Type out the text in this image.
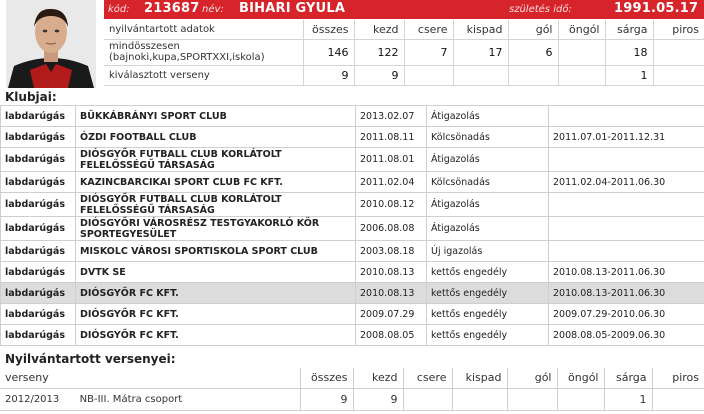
kód: 213687 név: BIHARI GYULA	születés idő:	1991.05.17
nyilvántartott adatok	összes	kezd	csere	kispad	gól	öngól	sárga	piros
mindösszesen (bajnoki,kupa,SPORTXXI,iskola)	146	122	7	17	6		18	
kiválasztott verseny	9	9					1	
Klubjai:
labdarúgás	BÜKKÁBRÁNYI SPORT CLUB	2013.02.07	Átigazolás	
labdarúgás	ÓZDI FOOTBALL CLUB	2011.08.11	Kölcsönadás	2011.07.01-2011.12.31
labdarúgás	DIÓSGYŐR FUTBALL CLUB KORLÁTOLT FELELŐSSÉGŰ TÁRSASÁG	2011.08.01	Átigazolás	
labdarúgás	KAZINCBARCIKAI SPORT CLUB FC KFT.	2011.02.04	Kölcsönadás	2011.02.04-2011.06.30
labdarúgás	DIÓSGYŐR FUTBALL CLUB KORLÁTOLT FELELŐSSÉGŰ TÁRSASÁG	2010.08.12	Átigazolás	
labdarúgás	DIÓSGYŐRI VÁROSRÉSZ TESTGYAKORLÓ KÖR SPORTEGYESÜLET	2006.08.08	Átigazolás	
labdarúgás	MISKOLC VÁROSI SPORTISKOLA SPORT CLUB	2003.08.18	Új igazolás	
labdarúgás	DVTK SE	2010.08.13	kettős engedély	2010.08.13-2011.06.30
labdarúgás	DIÓSGYŐR FC KFT.	2010.08.13	kettős engedély	2010.08.13-2011.06.30
labdarúgás	DIÓSGYŐR FC KFT.	2009.07.29	kettős engedély	2009.07.29-2010.06.30
labdarúgás	DIÓSGYŐR FC KFT.	2008.08.05	kettős engedély	2008.08.05-2009.06.30
Nyilvántartott versenyei:
verseny	összes	kezd	csere	kispad	gól	öngól	sárga	piros
2012/2013 NB-III. Mátra csoport	9	9					1	
